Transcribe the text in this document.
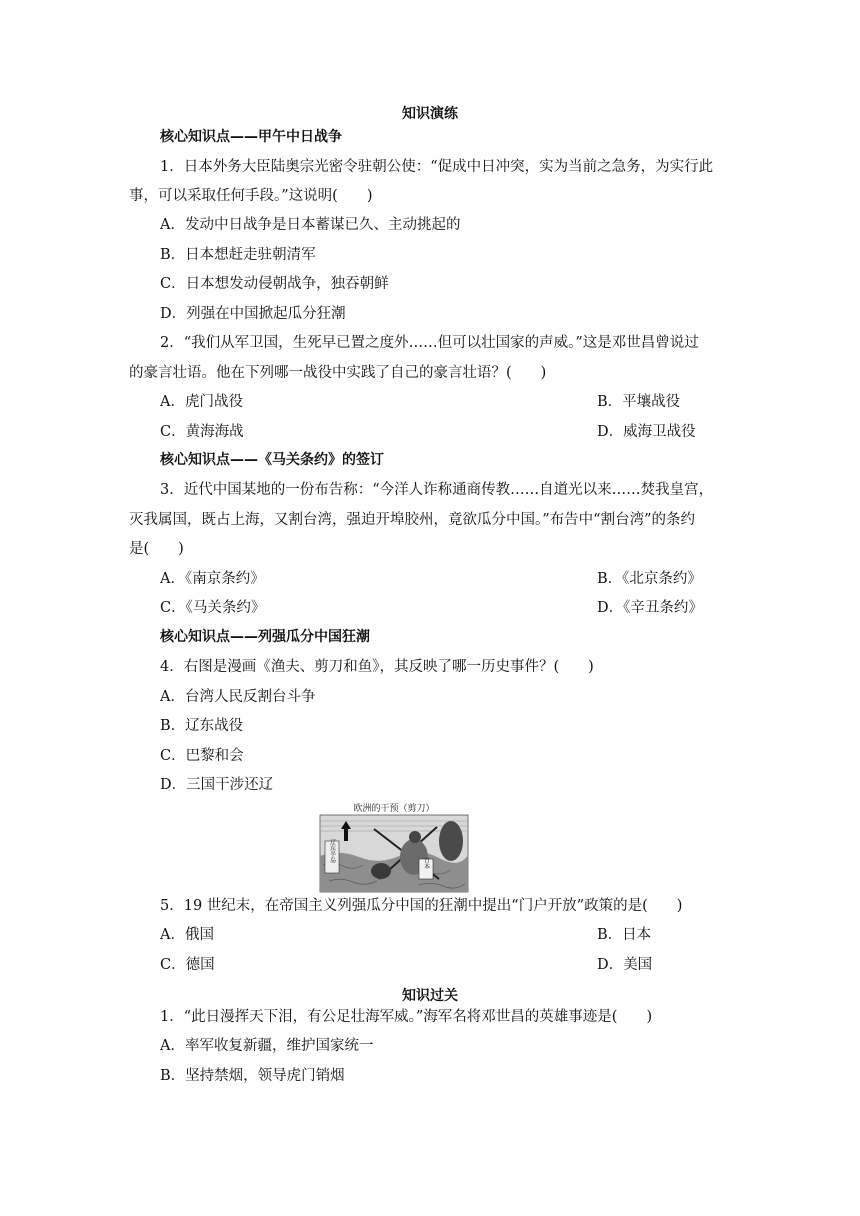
知识演练
核心知识点——甲午中日战争
1．日本外务大臣陆奥宗光密令驻朝公使：“促成中日冲突，实为当前之急务，为实行此
事，可以采取任何手段。”这说明(　　)
A．发动中日战争是日本蓄谋已久、主动挑起的
B．日本想赶走驻朝清军
C．日本想发动侵朝战争，独吞朝鲜
D．列强在中国掀起瓜分狂潮
2．“我们从军卫国，生死早已置之度外……但可以壮国家的声威。”这是邓世昌曾说过
的豪言壮语。他在下列哪一战役中实践了自己的豪言壮语？(　　)
A．虎门战役	B．平壤战役
C．黄海海战	D．威海卫战役
核心知识点——《马关条约》的签订
3．近代中国某地的一份布告称：“今洋人诈称通商传教……自道光以来……焚我皇宫，
灭我属国，既占上海，又割台湾，强迫开埠胶州，竟欲瓜分中国。”布告中“割台湾”的条约
是(　　)
A．《南京条约》	B．《北京条约》
C．《马关条约》	D．《辛丑条约》
核心知识点——列强瓜分中国狂潮
4．右图是漫画《渔夫、剪刀和鱼》，其反映了哪一历史事件？(　　)
A．台湾人民反割台斗争
B．辽东战役
C．巴黎和会
D．三国干涉还辽
欧洲的干预（剪刀）
辽东半岛	日本
5．19 世纪末，在帝国主义列强瓜分中国的狂潮中提出“门户开放”政策的是(　　)
A．俄国	B．日本
C．德国	D．美国
知识过关
1．“此日漫挥天下泪，有公足壮海军威。”海军名将邓世昌的英雄事迹是(　　)
A．率军收复新疆，维护国家统一
B．坚持禁烟，领导虎门销烟
